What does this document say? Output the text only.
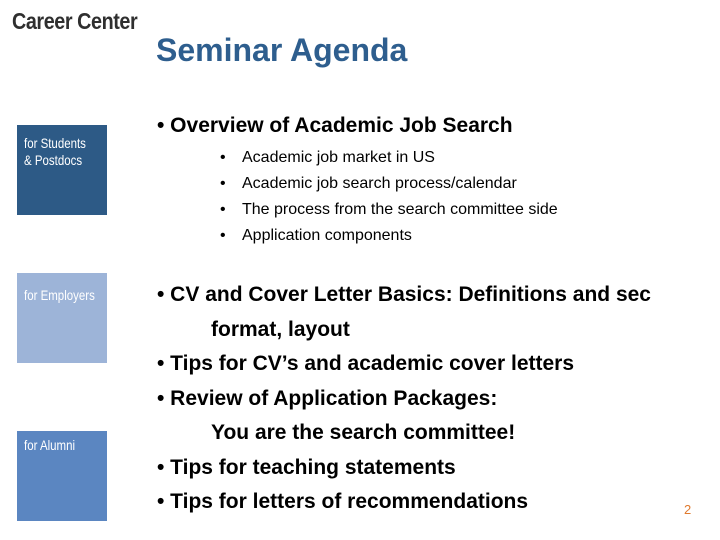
Career Center
Seminar Agenda
for Students
& Postdocs
for Employers
for Alumni
• Overview of Academic Job Search
• Academic job market in US
• Academic job search process/calendar
• The process from the search committee side
• Application components
• CV and Cover Letter Basics: Definitions and sec
format, layout
• Tips for CV’s and academic cover letters
• Review of Application Packages:
You are the search committee!
• Tips for teaching statements
• Tips for letters of recommendations	2
